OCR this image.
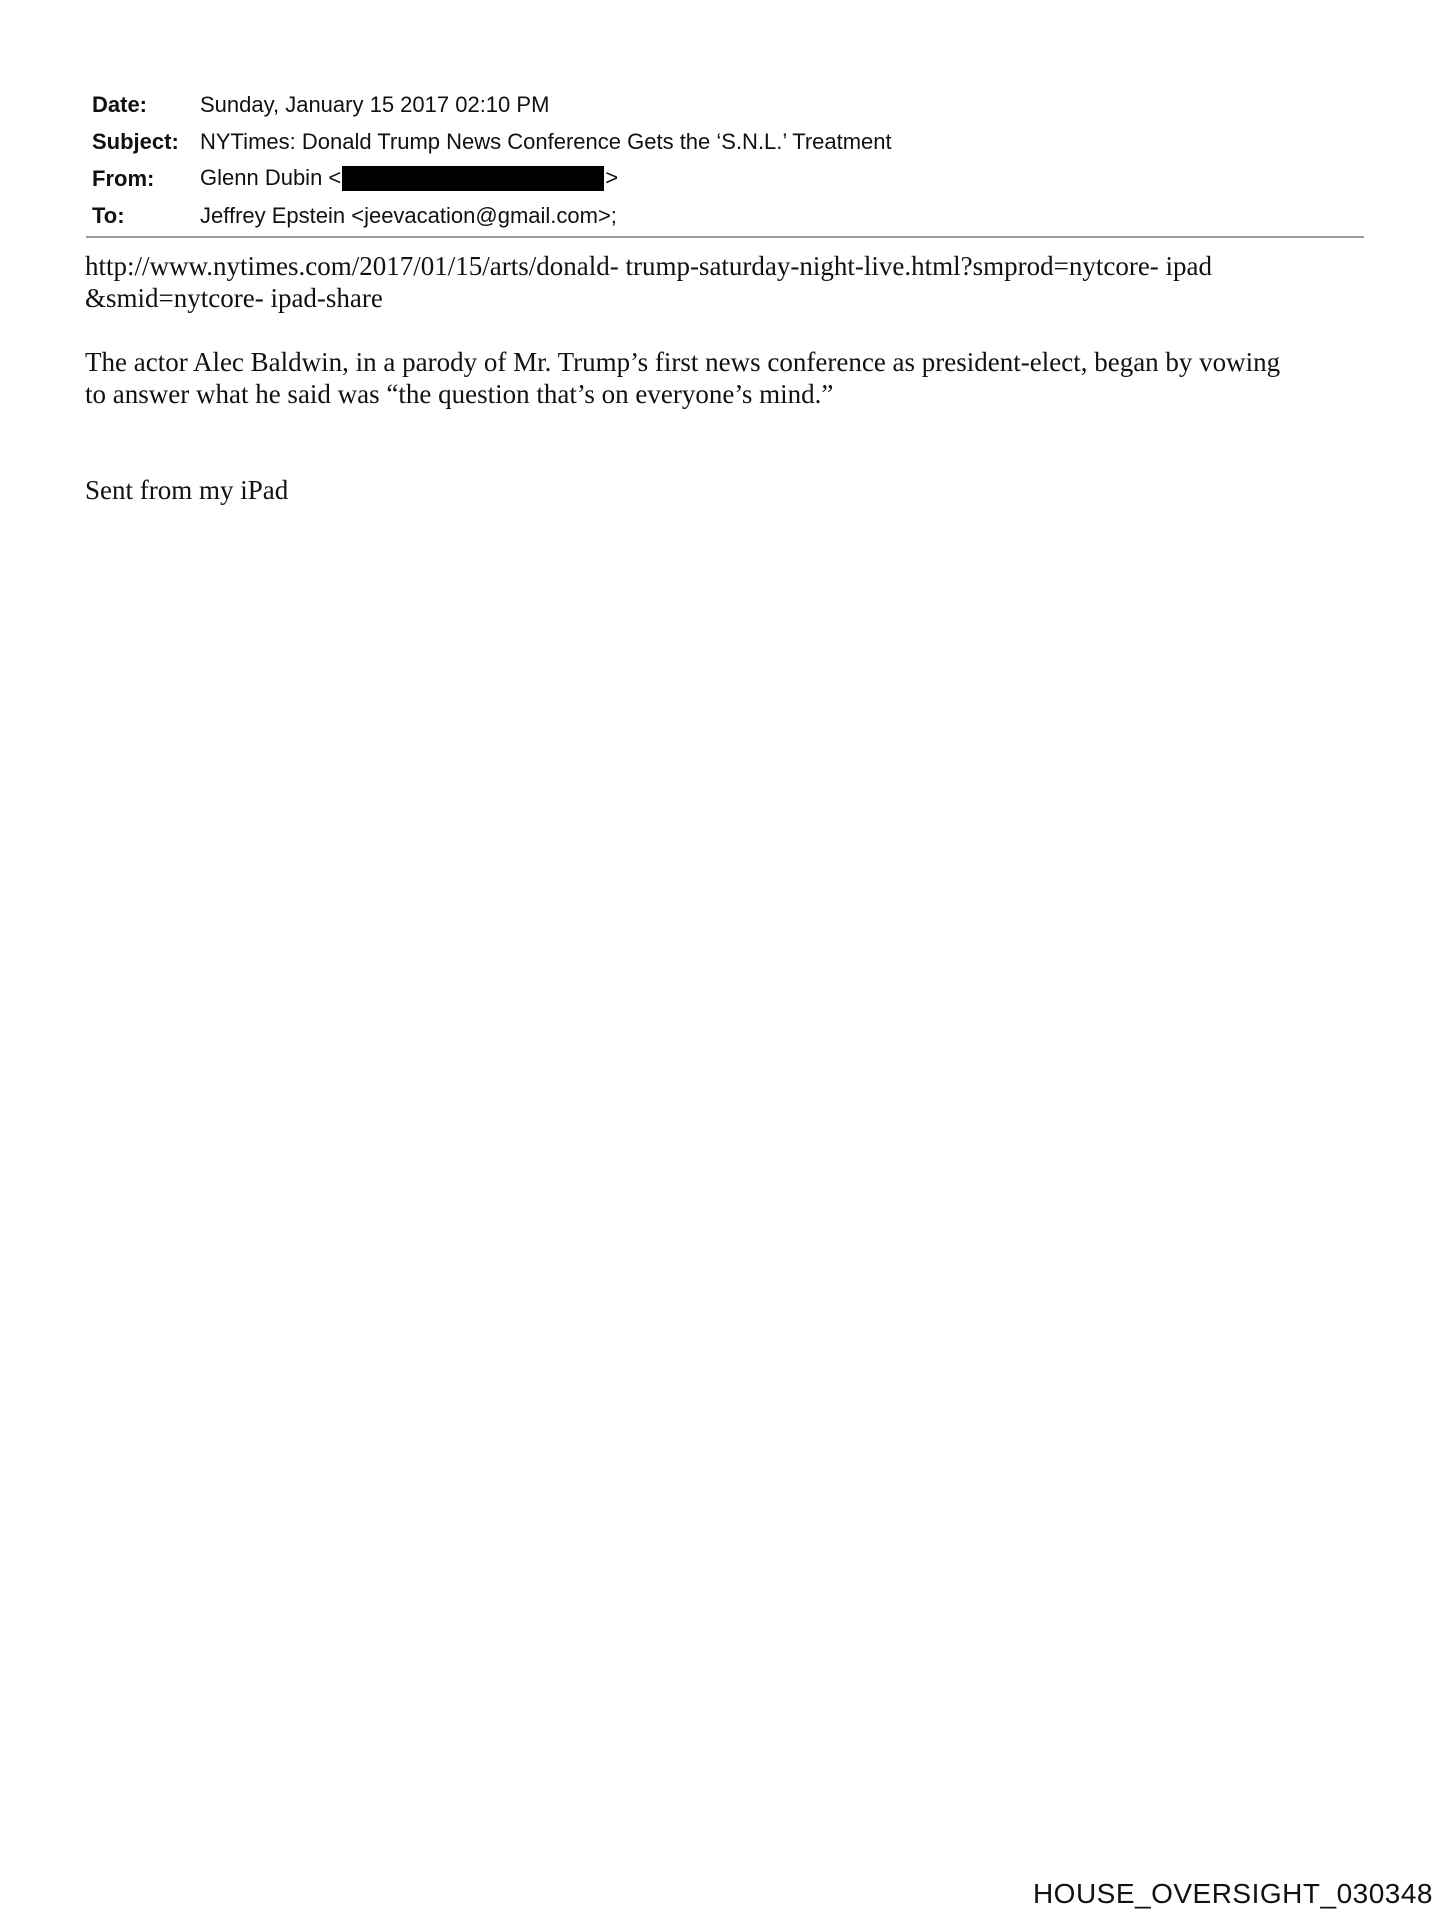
Date:	Sunday, January 15 2017 02:10 PM
Subject: NYTimes: Donald Trump News Conference Gets the ‘S.N.L.’ Treatment
From:	Glenn Dubin <	>
To:	Jeffrey Epstein <jeevacation@gmail.com>;

http://www.nytimes.com/2017/01/15/arts/donald- trump-saturday-night-live.html?smprod=nytcore- ipad

&smid=nytcore- ipad-share

The actor Alec Baldwin, in a parody of Mr. Trump’s first news conference as president-elect, began by vowing

to answer what he said was “the question that’s on everyone’s mind.”

Sent from my iPad

HOUSE_OVERSIGHT_030348
